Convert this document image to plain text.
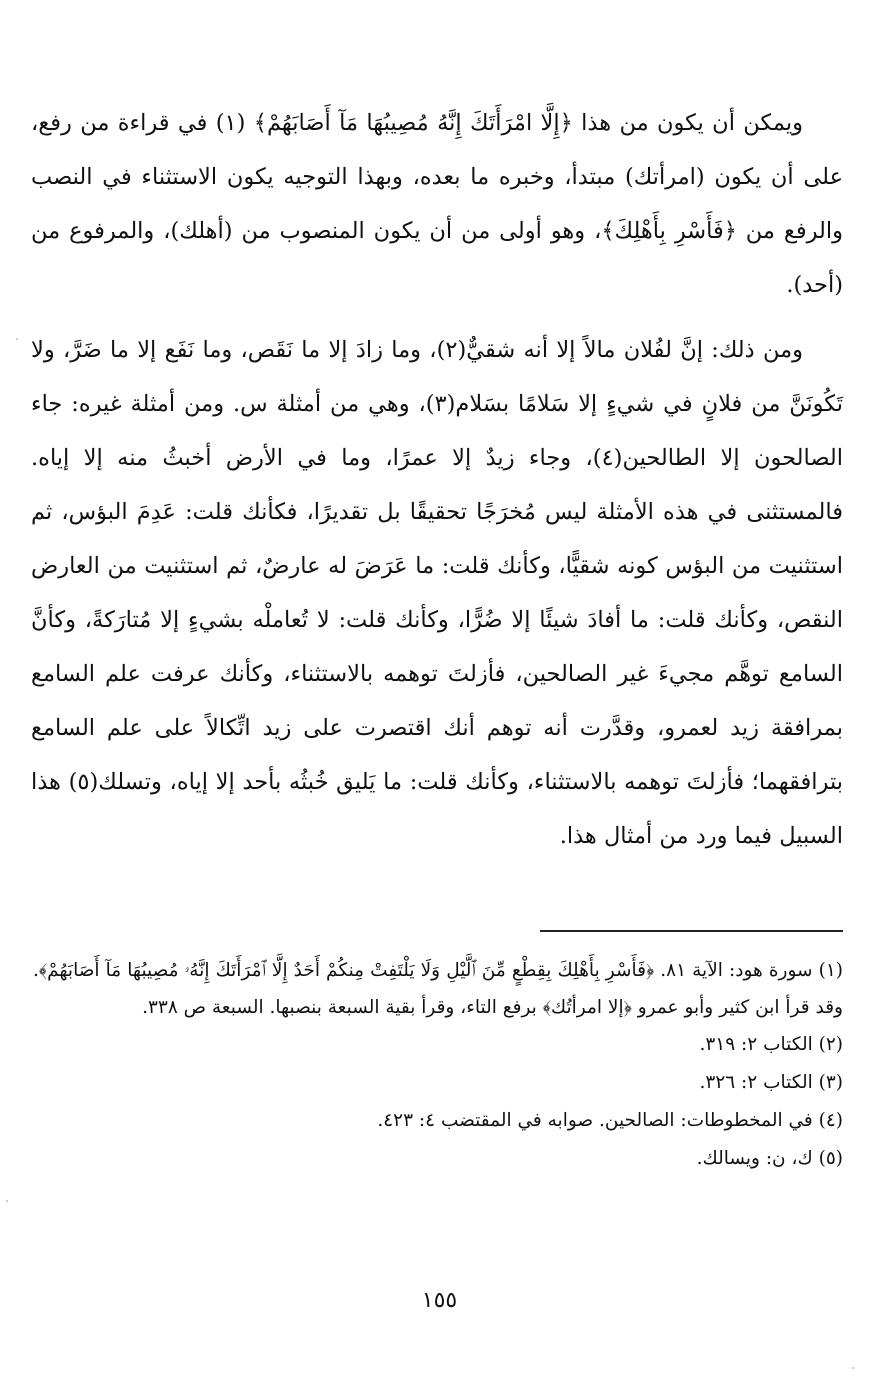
ويمكن أن يكون من هذا ﴿إِلَّا امْرَأَتَكَ إِنَّهُ مُصِيبُهَا مَآ أَصَابَهُمْ﴾ (١) في قراءة من رفع، على أن يكون (امرأتك) مبتدأ، وخبره ما بعده، وبهذا التوجيه يكون الاستثناء في النصب والرفع من ﴿فَأَسْرِ بِأَهْلِكَ﴾، وهو أولى من أن يكون المنصوب من (أهلك)، والمرفوع من (أحد).

ومن ذلك: إنَّ لفُلان مالاً إلا أنه شقيٌّ(٢)، وما زادَ إلا ما نَقَص، وما نَفَع إلا ما ضَرَّ، ولا تَكُونَنَّ من فلانٍ في شيءٍ إلا سَلامًا بسَلام(٣)، وهي من أمثلة س. ومن أمثلة غيره: جاء الصالحون إلا الطالحين(٤)، وجاء زيدٌ إلا عمرًا، وما في الأرض أخبثُ منه إلا إياه. فالمستثنى في هذه الأمثلة ليس مُخرَجًا تحقيقًا بل تقديرًا، فكأنك قلت: عَدِمَ البؤس، ثم استثنيت من البؤس كونه شقيًّا، وكأنك قلت: ما عَرَضَ له عارضٌ، ثم استثنيت من العارض النقص، وكأنك قلت: ما أفادَ شيئًا إلا ضُرًّا، وكأنك قلت: لا تُعاملْه بشيءٍ إلا مُتارَكةً، وكأنَّ السامع توهَّم مجيءَ غير الصالحين، فأزلتَ توهمه بالاستثناء، وكأنك عرفت علم السامع بمرافقة زيد لعمرو، وقدَّرت أنه توهم أنك اقتصرت على زيد اتِّكالاً على علم السامع بترافقهما؛ فأزلتَ توهمه بالاستثناء، وكأنك قلت: ما يَليق خُبثُه بأحد إلا إياه، وتسلك(٥) هذا السبيل فيما ورد من أمثال هذا.

(١) سورة هود: الآية ٨١. ﴿فَأَسْرِ بِأَهْلِكَ بِقِطْعٍ مِّنَ ٱلَّيْلِ وَلَا يَلْتَفِتْ مِنكُمْ أَحَدٌ إِلَّا ٱمْرَأَتَكَ إِنَّهُۥ مُصِيبُهَا مَآ أَصَابَهُمْ﴾. وقد قرأ ابن كثير وأبو عمرو ﴿إلا امرأتُك﴾ برفع التاء، وقرأ بقية السبعة بنصبها. السبعة ص ٣٣٨.
(٢) الكتاب ٢: ٣١٩.
(٣) الكتاب ٢: ٣٢٦.
(٤) في المخطوطات: الصالحين. صوابه في المقتضب ٤: ٤٢٣.
(٥) ك، ن: ويسالك.
١٥٥
